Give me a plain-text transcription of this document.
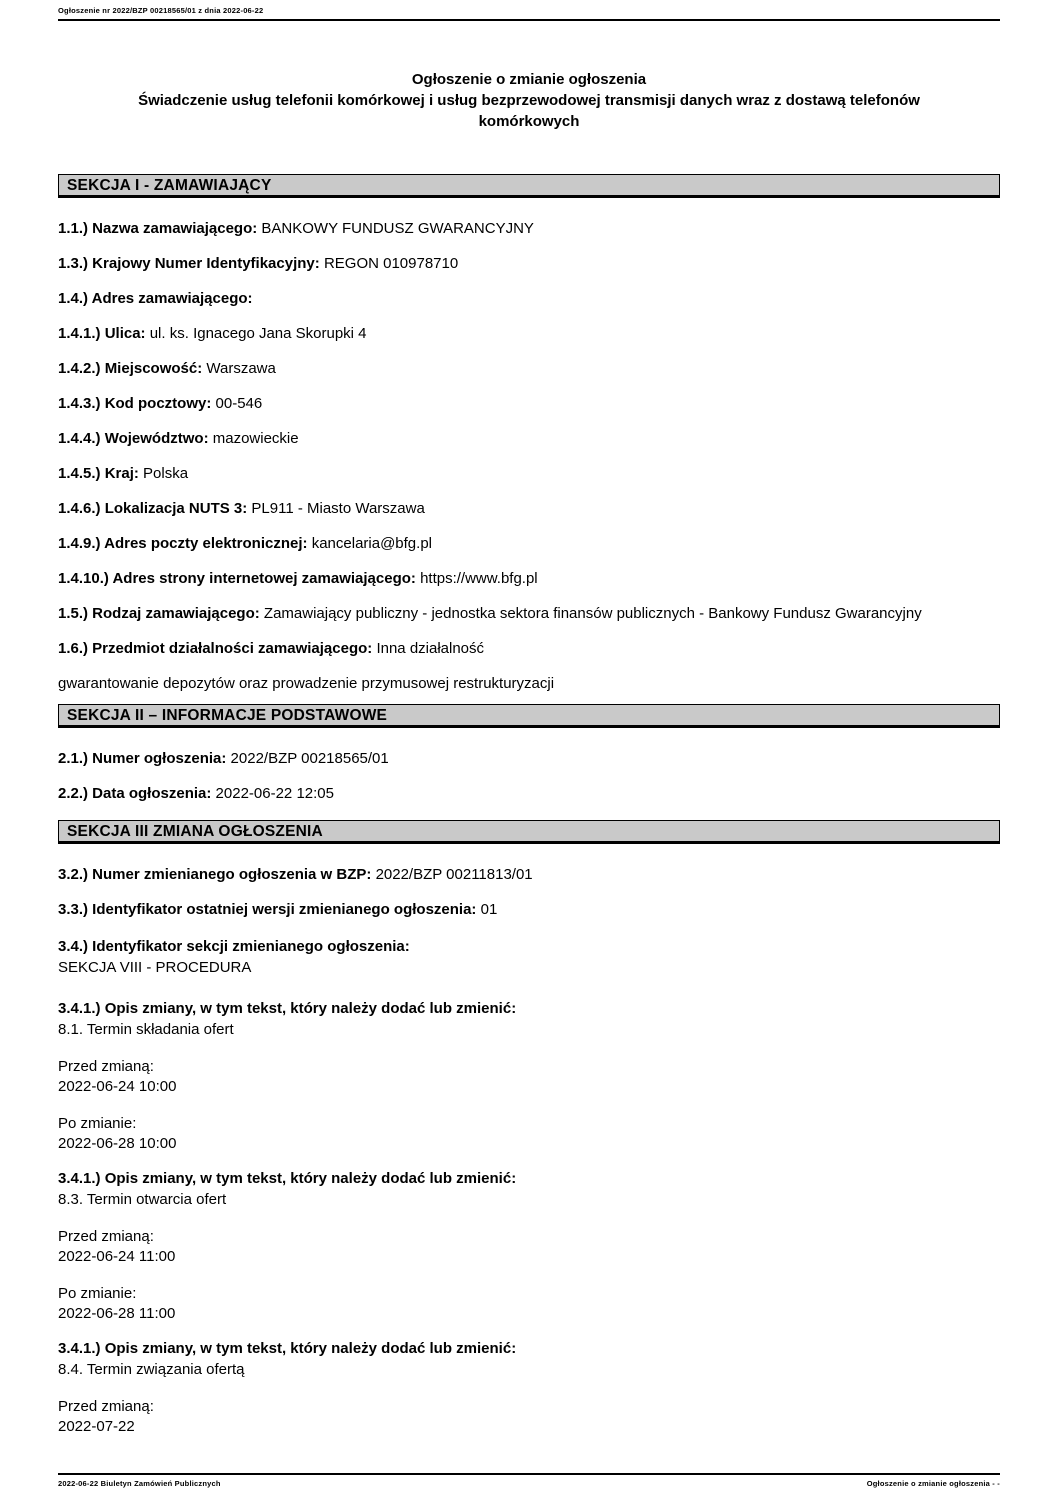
Ogłoszenie nr 2022/BZP 00218565/01 z dnia 2022-06-22
Ogłoszenie o zmianie ogłoszenia
Świadczenie usług telefonii komórkowej i usług bezprzewodowej transmisji danych wraz z dostawą telefonów komórkowych
SEKCJA I - ZAMAWIAJĄCY

1.1.) Nazwa zamawiającego: BANKOWY FUNDUSZ GWARANCYJNY

1.3.) Krajowy Numer Identyfikacyjny: REGON 010978710

1.4.) Adres zamawiającego:

1.4.1.) Ulica: ul. ks. Ignacego Jana Skorupki 4

1.4.2.) Miejscowość: Warszawa

1.4.3.) Kod pocztowy: 00-546

1.4.4.) Województwo: mazowieckie

1.4.5.) Kraj: Polska

1.4.6.) Lokalizacja NUTS 3: PL911 - Miasto Warszawa

1.4.9.) Adres poczty elektronicznej: kancelaria@bfg.pl

1.4.10.) Adres strony internetowej zamawiającego: https://www.bfg.pl

1.5.) Rodzaj zamawiającego: Zamawiający publiczny - jednostka sektora finansów publicznych - Bankowy Fundusz Gwarancyjny

1.6.) Przedmiot działalności zamawiającego: Inna działalność

gwarantowanie depozytów oraz prowadzenie przymusowej restrukturyzacji

SEKCJA II – INFORMACJE PODSTAWOWE

2.1.) Numer ogłoszenia: 2022/BZP 00218565/01

2.2.) Data ogłoszenia: 2022-06-22 12:05

SEKCJA III ZMIANA OGŁOSZENIA

3.2.) Numer zmienianego ogłoszenia w BZP: 2022/BZP 00211813/01

3.3.) Identyfikator ostatniej wersji zmienianego ogłoszenia: 01

3.4.) Identyfikator sekcji zmienianego ogłoszenia:
SEKCJA VIII - PROCEDURA
3.4.1.) Opis zmiany, w tym tekst, który należy dodać lub zmienić:
8.1. Termin składania ofert
Przed zmianą:
2022-06-24 10:00
Po zmianie:
2022-06-28 10:00
3.4.1.) Opis zmiany, w tym tekst, który należy dodać lub zmienić:
8.3. Termin otwarcia ofert
Przed zmianą:
2022-06-24 11:00
Po zmianie:
2022-06-28 11:00
3.4.1.) Opis zmiany, w tym tekst, który należy dodać lub zmienić:
8.4. Termin związania ofertą
Przed zmianą:
2022-07-22
2022-06-22 Biuletyn Zamówień Publicznych	Ogłoszenie o zmianie ogłoszenia - -
